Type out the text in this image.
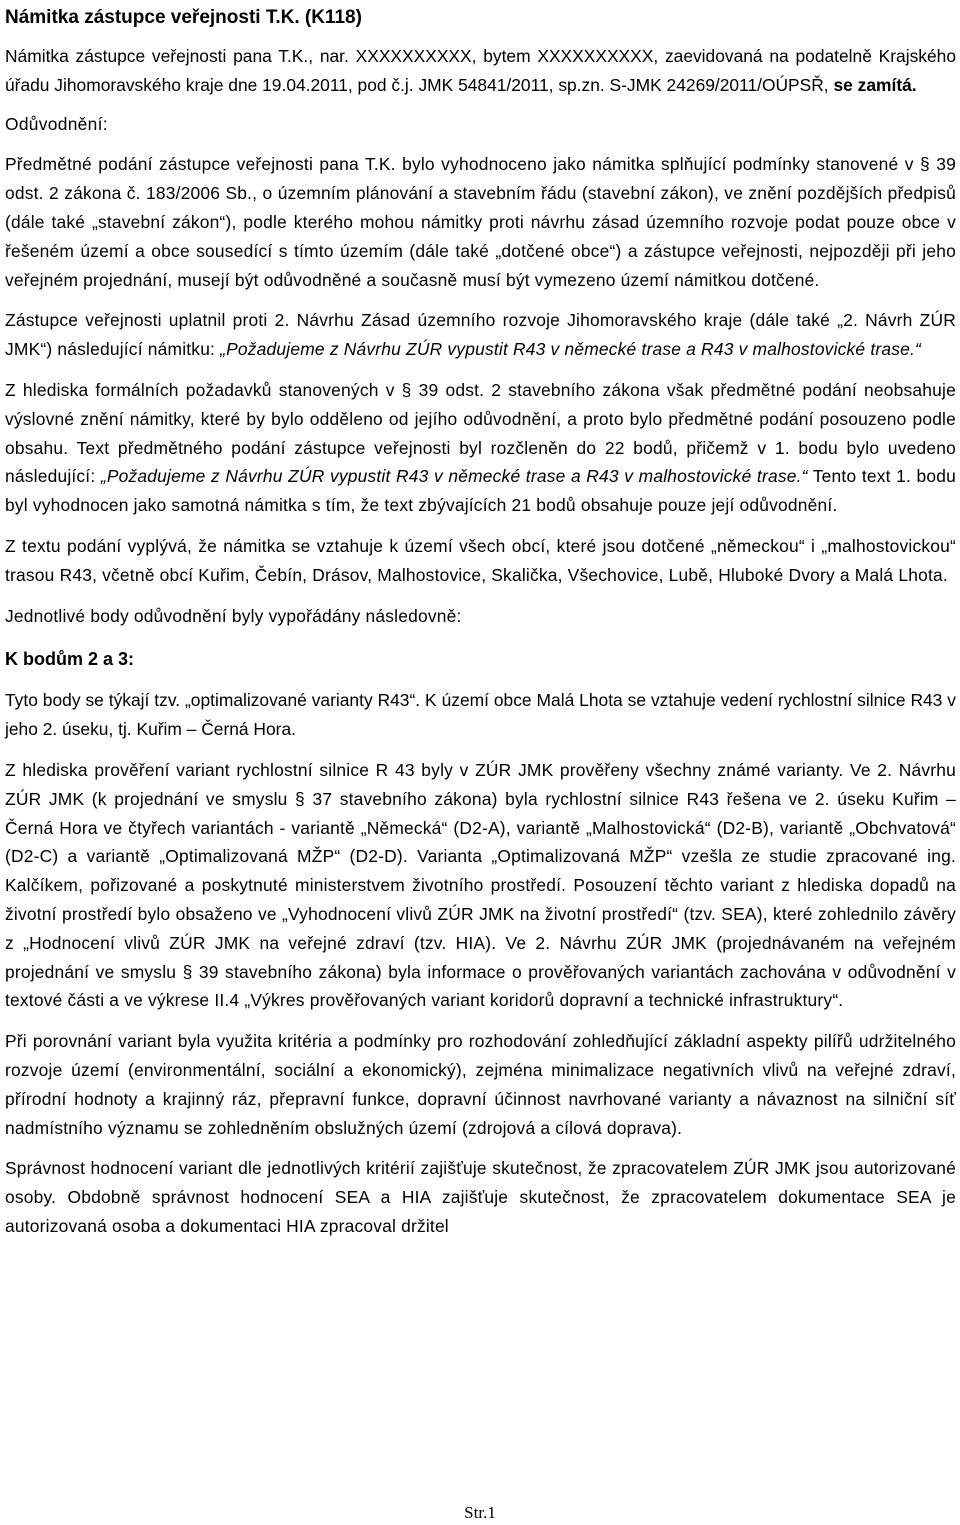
Námitka zástupce veřejnosti T.K. (K118)

Námitka zástupce veřejnosti pana T.K., nar. XXXXXXXXXX, bytem XXXXXXXXXX, zaevidovaná na podatelně Krajského úřadu Jihomoravského kraje dne 19.04.2011, pod č.j. JMK 54841/2011, sp.zn. S-JMK 24269/2011/OÚPSŘ, se zamítá.

Odůvodnění:

Předmětné podání zástupce veřejnosti pana T.K. bylo vyhodnoceno jako námitka splňující podmínky stanovené v § 39 odst. 2 zákona č. 183/2006 Sb., o územním plánování a stavebním řádu (stavební zákon), ve znění pozdějších předpisů (dále také „stavební zákon“), podle kterého mohou námitky proti návrhu zásad územního rozvoje podat pouze obce v řešeném území a obce sousedící s tímto územím (dále také „dotčené obce“) a zástupce veřejnosti, nejpozději při jeho veřejném projednání, musejí být odůvodněné a současně musí být vymezeno území námitkou dotčené.

Zástupce veřejnosti uplatnil proti 2. Návrhu Zásad územního rozvoje Jihomoravského kraje (dále také „2. Návrh ZÚR JMK“) následující námitku: „Požadujeme z Návrhu ZÚR vypustit R43 v německé trase a R43 v malhostovické trase.“

Z hlediska formálních požadavků stanovených v § 39 odst. 2 stavebního zákona však předmětné podání neobsahuje výslovné znění námitky, které by bylo odděleno od jejího odůvodnění, a proto bylo předmětné podání posouzeno podle obsahu. Text předmětného podání zástupce veřejnosti byl rozčleněn do 22 bodů, přičemž v 1. bodu bylo uvedeno následující: „Požadujeme z Návrhu ZÚR vypustit R43 v německé trase a R43 v malhostovické trase.“ Tento text 1. bodu byl vyhodnocen jako samotná námitka s tím, že text zbývajících 21 bodů obsahuje pouze její odůvodnění.

Z textu podání vyplývá, že námitka se vztahuje k území všech obcí, které jsou dotčené „německou“ i „malhostovickou“ trasou R43, včetně obcí Kuřim, Čebín, Drásov, Malhostovice, Skalička, Všechovice, Lubě, Hluboké Dvory a Malá Lhota.

Jednotlivé body odůvodnění byly vypořádány následovně:

K bodům 2 a 3:

Tyto body se týkají tzv. „optimalizované varianty R43“. K území obce Malá Lhota se vztahuje vedení rychlostní silnice R43 v jeho 2. úseku, tj. Kuřim – Černá Hora.

Z hlediska prověření variant rychlostní silnice R 43 byly v ZÚR JMK prověřeny všechny známé varianty. Ve 2. Návrhu ZÚR JMK (k projednání ve smyslu § 37 stavebního zákona) byla rychlostní silnice R43 řešena ve 2. úseku Kuřim – Černá Hora ve čtyřech variantách - variantě „Německá“ (D2-A), variantě „Malhostovická“ (D2-B), variantě „Obchvatová“ (D2-C) a variantě „Optimalizovaná MŽP“ (D2-D). Varianta „Optimalizovaná MŽP“ vzešla ze studie zpracované ing. Kalčíkem, pořizované a poskytnuté ministerstvem životního prostředí. Posouzení těchto variant z hlediska dopadů na životní prostředí bylo obsaženo ve „Vyhodnocení vlivů ZÚR JMK na životní prostředí“ (tzv. SEA), které zohlednilo závěry z „Hodnocení vlivů ZÚR JMK na veřejné zdraví (tzv. HIA). Ve 2. Návrhu ZÚR JMK (projednávaném na veřejném projednání ve smyslu § 39 stavebního zákona) byla informace o prověřovaných variantách zachována v odůvodnění v textové části a ve výkrese II.4 „Výkres prověřovaných variant koridorů dopravní a technické infrastruktury“.

Při porovnání variant byla využita kritéria a podmínky pro rozhodování zohledňující základní aspekty pilířů udržitelného rozvoje území (environmentální, sociální a ekonomický), zejména minimalizace negativních vlivů na veřejné zdraví, přírodní hodnoty a krajinný ráz, přepravní funkce, dopravní účinnost navrhované varianty a návaznost na silniční síť nadmístního významu se zohledněním obslužných území (zdrojová a cílová doprava).

Správnost hodnocení variant dle jednotlivých kritérií zajišťuje skutečnost, že zpracovatelem ZÚR JMK jsou autorizované osoby. Obdobně správnost hodnocení SEA a HIA zajišťuje skutečnost, že zpracovatelem dokumentace SEA je autorizovaná osoba a dokumentaci HIA zpracoval držitel

Str.1
